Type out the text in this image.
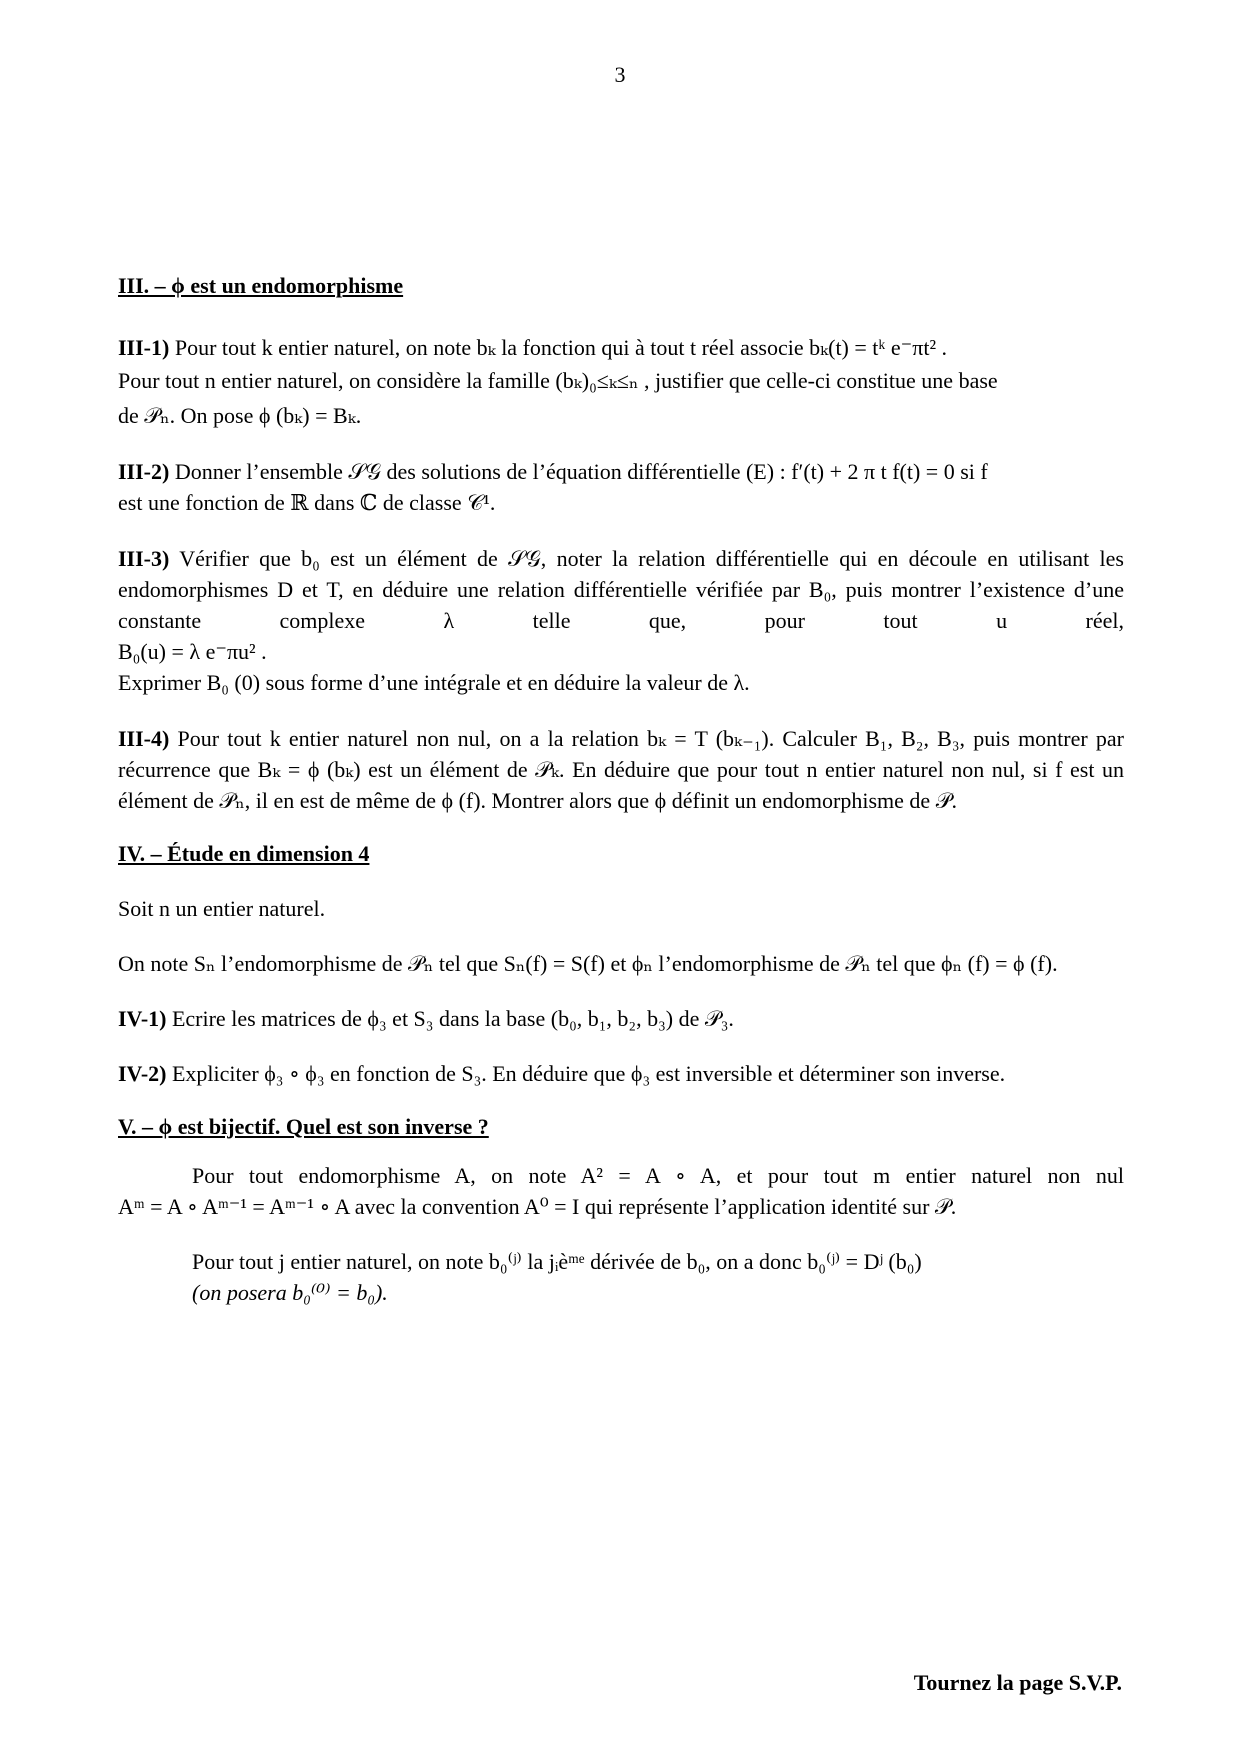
3

III. – ϕ est un endomorphisme

III-1) Pour tout k entier naturel, on note bₖ la fonction qui à tout t réel associe bₖ(t) = tᵏ e⁻πt² .

Pour tout n entier naturel, on considère la famille (bₖ)₀≤ₖ≤ₙ , justifier que celle-ci constitue une base

de 𝒫ₙ. On pose ϕ (bₖ) = Bₖ.

III-2) Donner l’ensemble 𝒮𝒢 des solutions de l’équation différentielle (E) : f′(t) + 2 π t f(t) = 0 si f

est une fonction de ℝ dans ℂ de classe 𝒞¹.

III-3) Vérifier que b₀ est un élément de 𝒮𝒢, noter la relation différentielle qui en découle en utilisant les endomorphismes D et T, en déduire une relation différentielle vérifiée par B₀, puis montrer l’existence d’une constante complexe λ telle que, pour tout u réel,

B₀(u) = λ e⁻πu² .

Exprimer B₀ (0) sous forme d’une intégrale et en déduire la valeur de λ.

III-4) Pour tout k entier naturel non nul, on a la relation bₖ = T (bₖ₋₁). Calculer B₁, B₂, B₃, puis montrer par récurrence que Bₖ = ϕ (bₖ) est un élément de 𝒫ₖ. En déduire que pour tout n entier naturel non nul, si f est un élément de 𝒫ₙ, il en est de même de ϕ (f). Montrer alors que ϕ définit un endomorphisme de 𝒫.

IV. – Étude en dimension 4

Soit n un entier naturel.

On note Sₙ l’endomorphisme de 𝒫ₙ tel que Sₙ(f) = S(f) et ϕₙ l’endomorphisme de 𝒫ₙ tel que ϕₙ (f) = ϕ (f).

IV-1) Ecrire les matrices de ϕ₃ et S₃ dans la base (b₀, b₁, b₂, b₃) de 𝒫₃.

IV-2) Expliciter ϕ₃ ∘ ϕ₃ en fonction de S₃. En déduire que ϕ₃ est inversible et déterminer son inverse.

V. – ϕ est bijectif. Quel est son inverse ?

Pour tout endomorphisme A, on note A² = A ∘ A, et pour tout m entier naturel non nul

Aᵐ = A ∘ Aᵐ⁻¹ = Aᵐ⁻¹ ∘ A avec la convention A⁰ = I qui représente l’application identité sur 𝒫.

Pour tout j entier naturel, on note b₀⁽ʲ⁾ la jᵢèᵐᵉ dérivée de b₀, on a donc b₀⁽ʲ⁾ = Dʲ (b₀)

(on posera b₀⁽⁰⁾ = b₀).

Tournez la page S.V.P.
